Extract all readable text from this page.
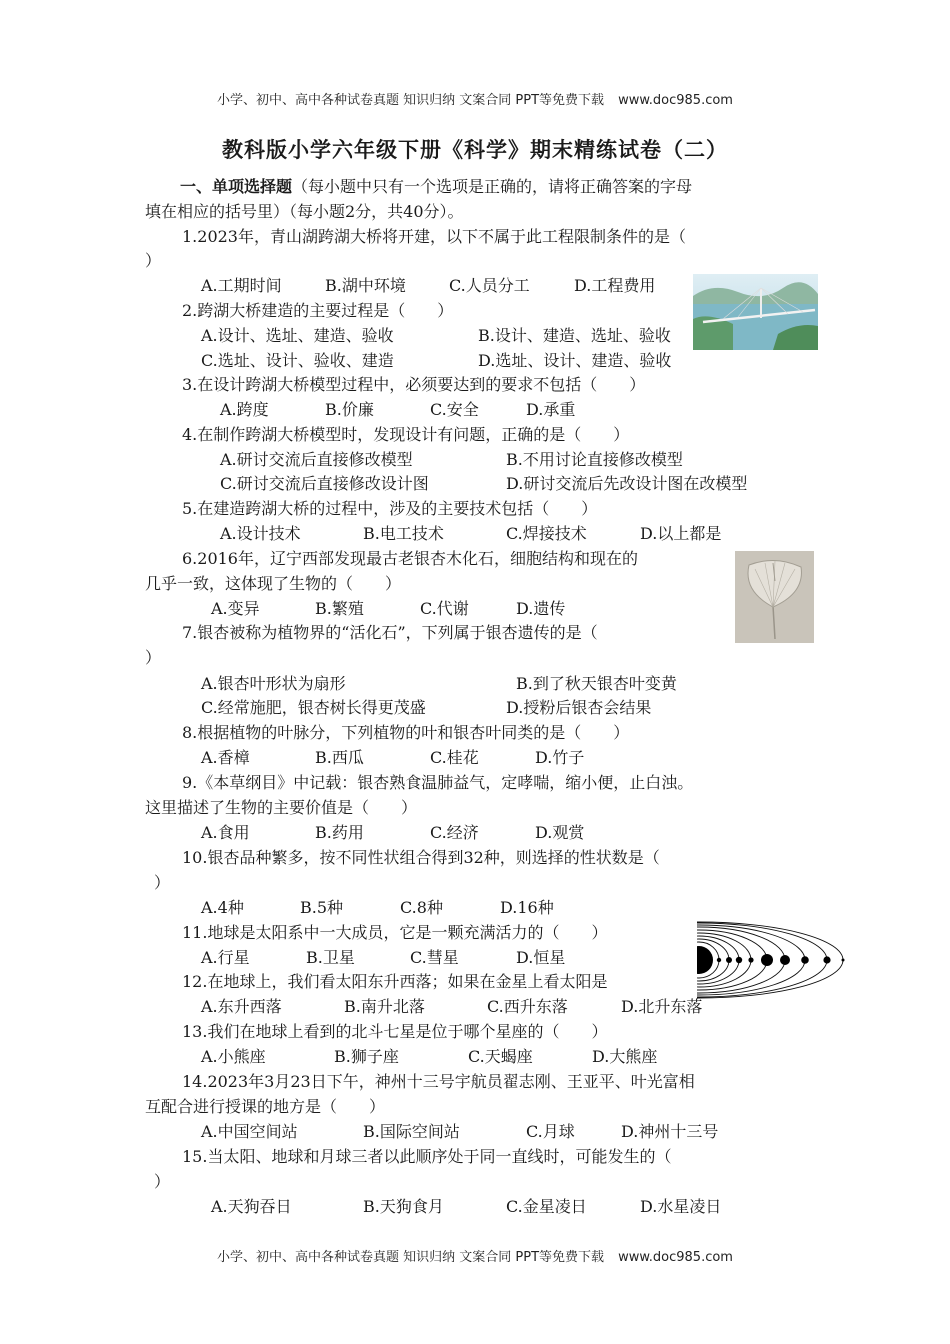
小学、初中、高中各种试卷真题 知识归纳 文案合同 PPT等免费下载 www.doc985.com
教科版小学六年级下册《科学》期末精练试卷（二）
一、单项选择题（每小题中只有一个选项是正确的，请将正确答案的字母
填在相应的括号里）（每小题2分，共40分）。
1.2023年，青山湖跨湖大桥将开建，以下不属于此工程限制条件的是（
）
A.工期时间	B.湖中环境	C.人员分工	D.工程费用
2.跨湖大桥建造的主要过程是（　　）
A.设计、选址、建造、验收	B.设计、建造、选址、验收
C.选址、设计、验收、建造	D.选址、设计、建造、验收
3.在设计跨湖大桥模型过程中，必须要达到的要求不包括（　　）
A.跨度	B.价廉	C.安全	D.承重
4.在制作跨湖大桥模型时，发现设计有问题，正确的是（　　）
A.研讨交流后直接修改模型	B.不用讨论直接修改模型
C.研讨交流后直接修改设计图	D.研讨交流后先改设计图在改模型
5.在建造跨湖大桥的过程中，涉及的主要技术包括（　　）
A.设计技术	B.电工技术	C.焊接技术	D.以上都是
6.2016年，辽宁西部发现最古老银杏木化石，细胞结构和现在的
几乎一致，这体现了生物的（　　）
A.变异	B.繁殖	C.代谢	D.遗传
7.银杏被称为植物界的“活化石”，下列属于银杏遗传的是（
）
A.银杏叶形状为扇形	B.到了秋天银杏叶变黄
C.经常施肥，银杏树长得更茂盛	D.授粉后银杏会结果
8.根据植物的叶脉分，下列植物的叶和银杏叶同类的是（　　）
A.香樟	B.西瓜	C.桂花	D.竹子
9.《本草纲目》中记载：银杏熟食温肺益气，定哮喘，缩小便，止白浊。
这里描述了生物的主要价值是（　　）
A.食用	B.药用	C.经济	D.观赏
10.银杏品种繁多，按不同性状组合得到32种，则选择的性状数是（
）
A.4种	B.5种	C.8种	D.16种
11.地球是太阳系中一大成员，它是一颗充满活力的（　　）
A.行星	B.卫星	C.彗星	D.恒星
12.在地球上，我们看太阳东升西落；如果在金星上看太阳是
A.东升西落	B.南升北落	C.西升东落	D.北升东落
13.我们在地球上看到的北斗七星是位于哪个星座的（　　）
A.小熊座	B.狮子座	C.天蝎座	D.大熊座
14.2023年3月23日下午，神州十三号宇航员翟志刚、王亚平、叶光富相
互配合进行授课的地方是（　　）
A.中国空间站	B.国际空间站	C.月球	D.神州十三号
15.当太阳、地球和月球三者以此顺序处于同一直线时，可能发生的（
）
A.天狗吞日	B.天狗食月	C.金星凌日	D.水星凌日
小学、初中、高中各种试卷真题 知识归纳 文案合同 PPT等免费下载 www.doc985.com
